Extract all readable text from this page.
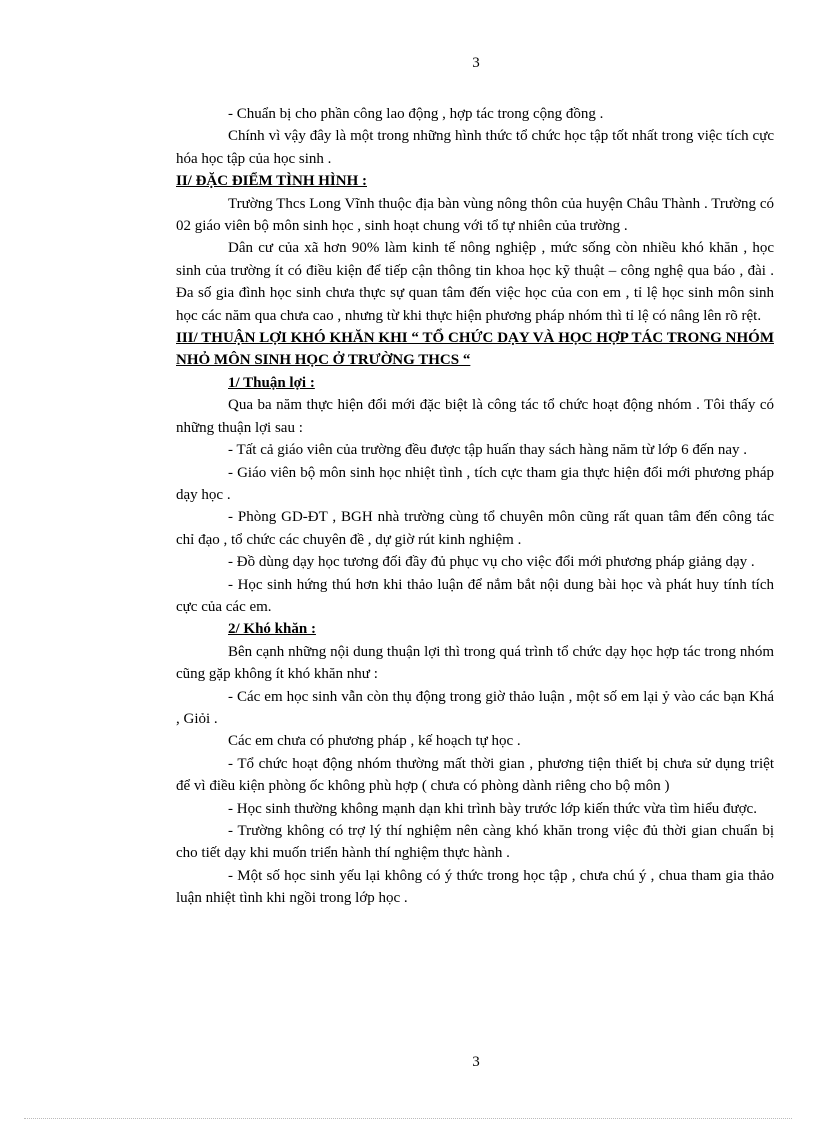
3

- Chuẩn bị cho phần công lao động , hợp tác trong cộng đồng .

Chính vì vậy đây là một trong những hình thức tổ chức học tập tốt nhất trong việc tích cực hóa học tập của học sinh .

II/ ĐẶC ĐIỂM TÌNH HÌNH :

Trường Thcs Long Vĩnh thuộc địa bàn vùng nông thôn của huyện Châu Thành . Trường có 02 giáo viên bộ môn sinh học , sinh hoạt chung với tổ tự nhiên của trường .

Dân cư của xã hơn 90% làm kinh tế nông nghiệp , mức sống còn nhiều khó khăn , học sinh của trường ít có điều kiện để tiếp cận thông tin khoa học kỹ thuật – công nghệ qua báo , đài . Đa số gia đình học sinh chưa thực sự quan tâm đến việc học của con em , tỉ lệ học sinh môn sinh học các năm qua chưa cao , nhưng từ khi thực hiện phương pháp nhóm thì tỉ lệ có nâng lên rõ rệt.

III/ THUẬN LỢI KHÓ KHĂN KHI “ TỔ CHỨC DẠY VÀ HỌC HỢP TÁC TRONG NHÓM NHỎ MÔN SINH HỌC Ở TRƯỜNG THCS “

1/ Thuận lợi :

Qua ba năm thực hiện đổi mới đặc biệt là công tác tổ chức hoạt động nhóm . Tôi thấy có những thuận lợi sau :

- Tất cả giáo viên của trường đều được tập huấn thay sách hàng năm từ lớp 6 đến nay .

- Giáo viên bộ môn sinh học nhiệt tình , tích cực tham gia thực hiện đổi mới phương pháp dạy học .

- Phòng GD-ĐT , BGH nhà trường cùng tổ chuyên môn cũng rất quan tâm đến công tác chỉ đạo , tổ chức các chuyên đề , dự giờ rút kinh nghiệm .

- Đồ dùng dạy học tương đối đầy đủ phục vụ cho việc đổi mới phương pháp giảng dạy .

- Học sinh hứng thú hơn khi thảo luận để nắm bắt nội dung bài học và phát huy tính tích cực của các em.

2/ Khó khăn :

Bên cạnh những nội dung thuận lợi thì trong quá trình tổ chức dạy học hợp tác trong nhóm cũng gặp không ít khó khăn như :

- Các em học sinh vẫn còn thụ động trong giờ thảo luận , một số em lại ỷ vào các bạn Khá , Giỏi .

Các em chưa có phương pháp , kế hoạch tự học .

- Tổ chức hoạt động nhóm thường mất thời gian , phương tiện thiết bị chưa sử dụng triệt để vì điều kiện phòng ốc không phù hợp ( chưa có phòng dành riêng cho bộ môn )

- Học sinh thường không mạnh dạn khi trình bày trước lớp kiến thức vừa tìm hiểu được.

- Trường không có trợ lý thí nghiệm nên càng khó khăn trong việc đủ thời gian chuẩn bị cho tiết dạy khi muốn triển hành thí nghiệm thực hành .

- Một số học sinh yếu lại không có ý thức trong học tập , chưa chú ý , chua tham gia thảo luận nhiệt tình khi ngồi trong lớp học .

3
